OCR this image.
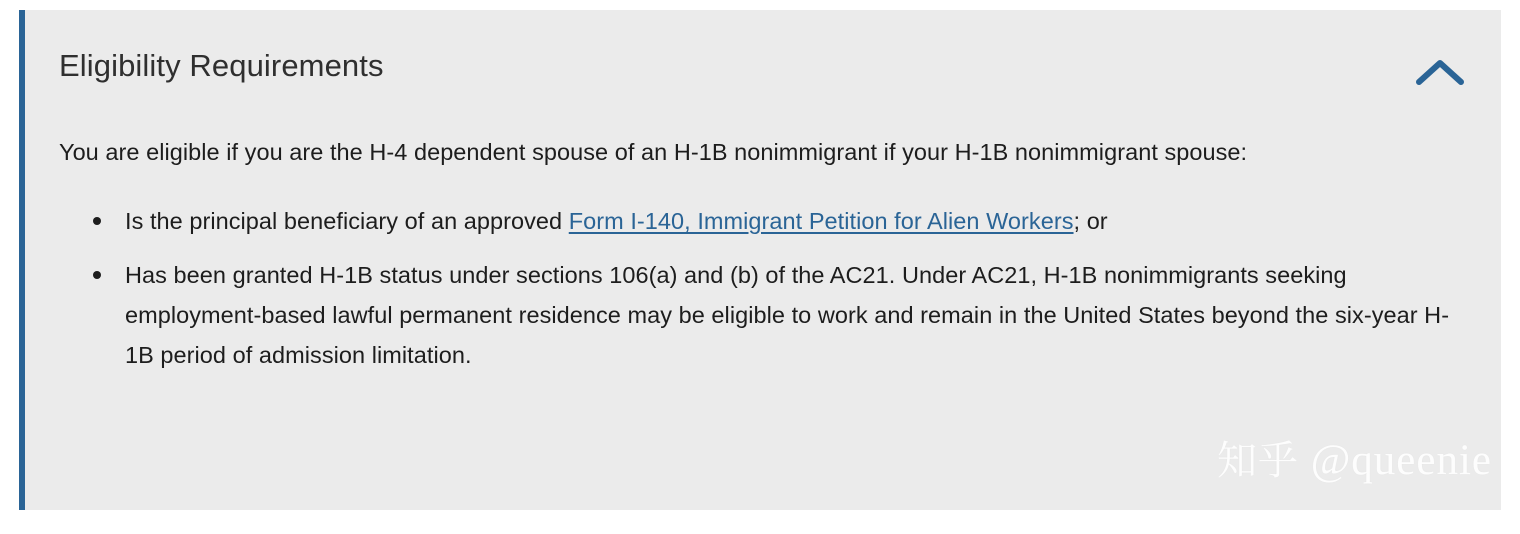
Eligibility Requirements

You are eligible if you are the H-4 dependent spouse of an H-1B nonimmigrant if your H-1B nonimmigrant spouse:

Is the principal beneficiary of an approved Form I-140, Immigrant Petition for Alien Workers; or
Has been granted H-1B status under sections 106(a) and (b) of the AC21. Under AC21, H-1B nonimmigrants seeking employment-based lawful permanent residence may be eligible to work and remain in the United States beyond the six-year H-1B period of admission limitation.
知乎 @queenie
